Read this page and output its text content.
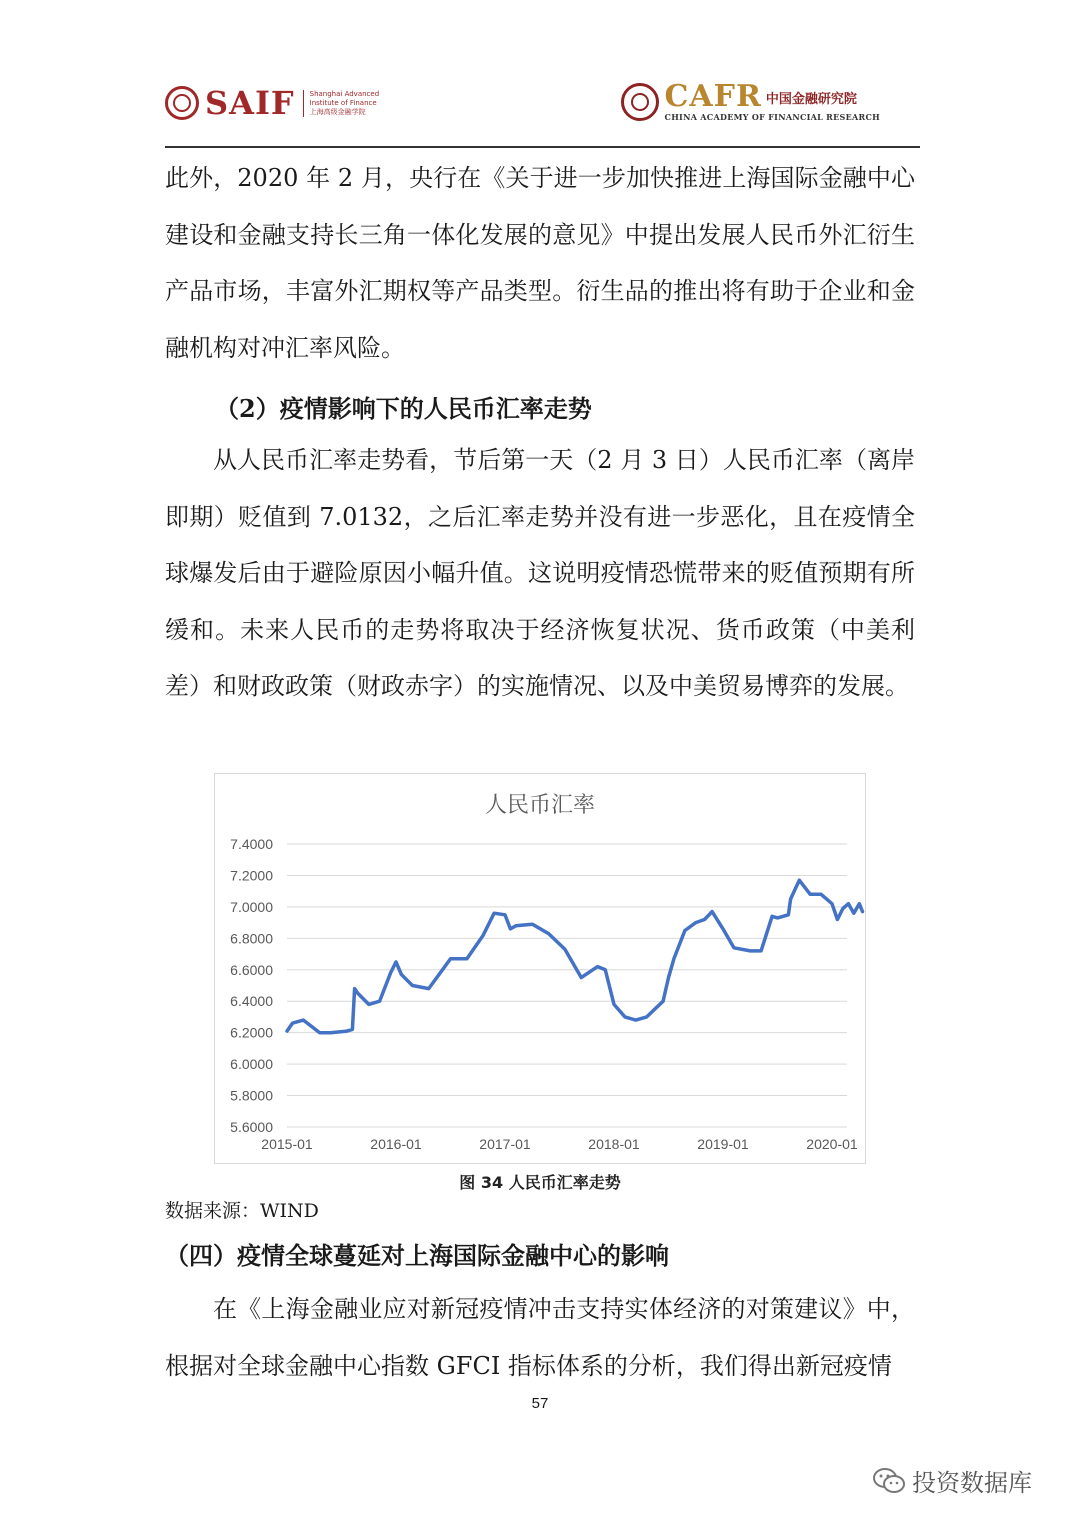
SAIF Shanghai Advanced
Institute of Finance
上海高级金融学院	CAFR 中国金融研究院
CHINA ACADEMY OF FINANCIAL RESEARCH

此外，2020 年 2 月，央行在《关于进一步加快推进上海国际金融中心建设和金融支持长三角一体化发展的意见》中提出发展人民币外汇衍生产品市场，丰富外汇期权等产品类型。衍生品的推出将有助于企业和金融机构对冲汇率风险。

（2）疫情影响下的人民币汇率走势

从人民币汇率走势看，节后第一天（2 月 3 日）人民币汇率（离岸即期）贬值到 7.0132，之后汇率走势并没有进一步恶化，且在疫情全球爆发后由于避险原因小幅升值。这说明疫情恐慌带来的贬值预期有所缓和。未来人民币的走势将取决于经济恢复状况、货币政策（中美利差）和财政政策（财政赤字）的实施情况、以及中美贸易博弈的发展。

人民币汇率
7.4000
7.2000
7.0000
6.8000
6.6000
6.4000
6.2000
6.0000
5.8000
5.6000
2015-01	2016-01	2017-01	2018-01	2019-01	2020-01
图 34 人民币汇率走势
数据来源：WIND

（四）疫情全球蔓延对上海国际金融中心的影响

在《上海金融业应对新冠疫情冲击支持实体经济的对策建议》中，根据对全球金融中心指数 GFCI 指标体系的分析，我们得出新冠疫情

57
投资数据库
